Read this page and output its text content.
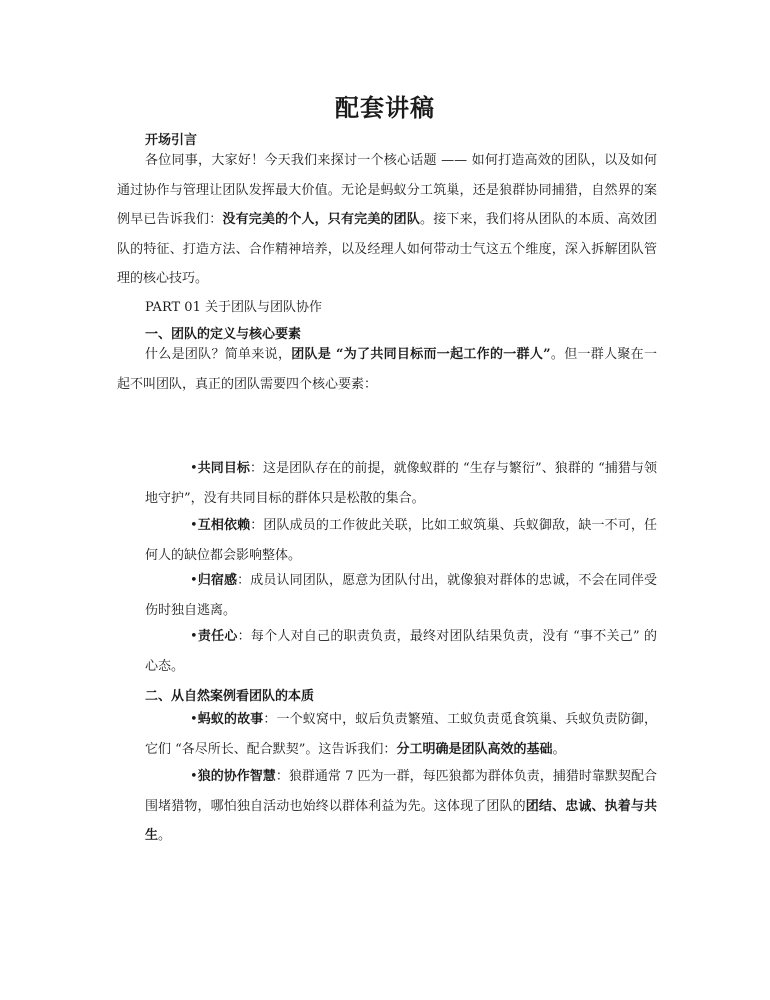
配套讲稿
开场引言
各位同事，大家好！今天我们来探讨一个核心话题 —— 如何打造高效的团队，以及如何通过协作与管理让团队发挥最大价值。无论是蚂蚁分工筑巢，还是狼群协同捕猎，自然界的案例早已告诉我们：没有完美的个人，只有完美的团队。接下来，我们将从团队的本质、高效团队的特征、打造方法、合作精神培养，以及经理人如何带动士气这五个维度，深入拆解团队管理的核心技巧。
PART 01 关于团队与团队协作
一、团队的定义与核心要素
什么是团队？简单来说，团队是 “为了共同目标而一起工作的一群人”。但一群人聚在一起不叫团队，真正的团队需要四个核心要素：
•共同目标：这是团队存在的前提，就像蚁群的 “生存与繁衍”、狼群的 “捕猎与领地守护”，没有共同目标的群体只是松散的集合。
•互相依赖：团队成员的工作彼此关联，比如工蚁筑巢、兵蚁御敌，缺一不可，任何人的缺位都会影响整体。
•归宿感：成员认同团队，愿意为团队付出，就像狼对群体的忠诚，不会在同伴受伤时独自逃离。
•责任心：每个人对自己的职责负责，最终对团队结果负责，没有 “事不关己” 的心态。
二、从自然案例看团队的本质
•蚂蚁的故事：一个蚁窝中，蚁后负责繁殖、工蚁负责觅食筑巢、兵蚁负责防御，它们 “各尽所长、配合默契”。这告诉我们：分工明确是团队高效的基础。
•狼的协作智慧：狼群通常 7 匹为一群，每匹狼都为群体负责，捕猎时靠默契配合围堵猎物，哪怕独自活动也始终以群体利益为先。这体现了团队的团结、忠诚、执着与共生。
